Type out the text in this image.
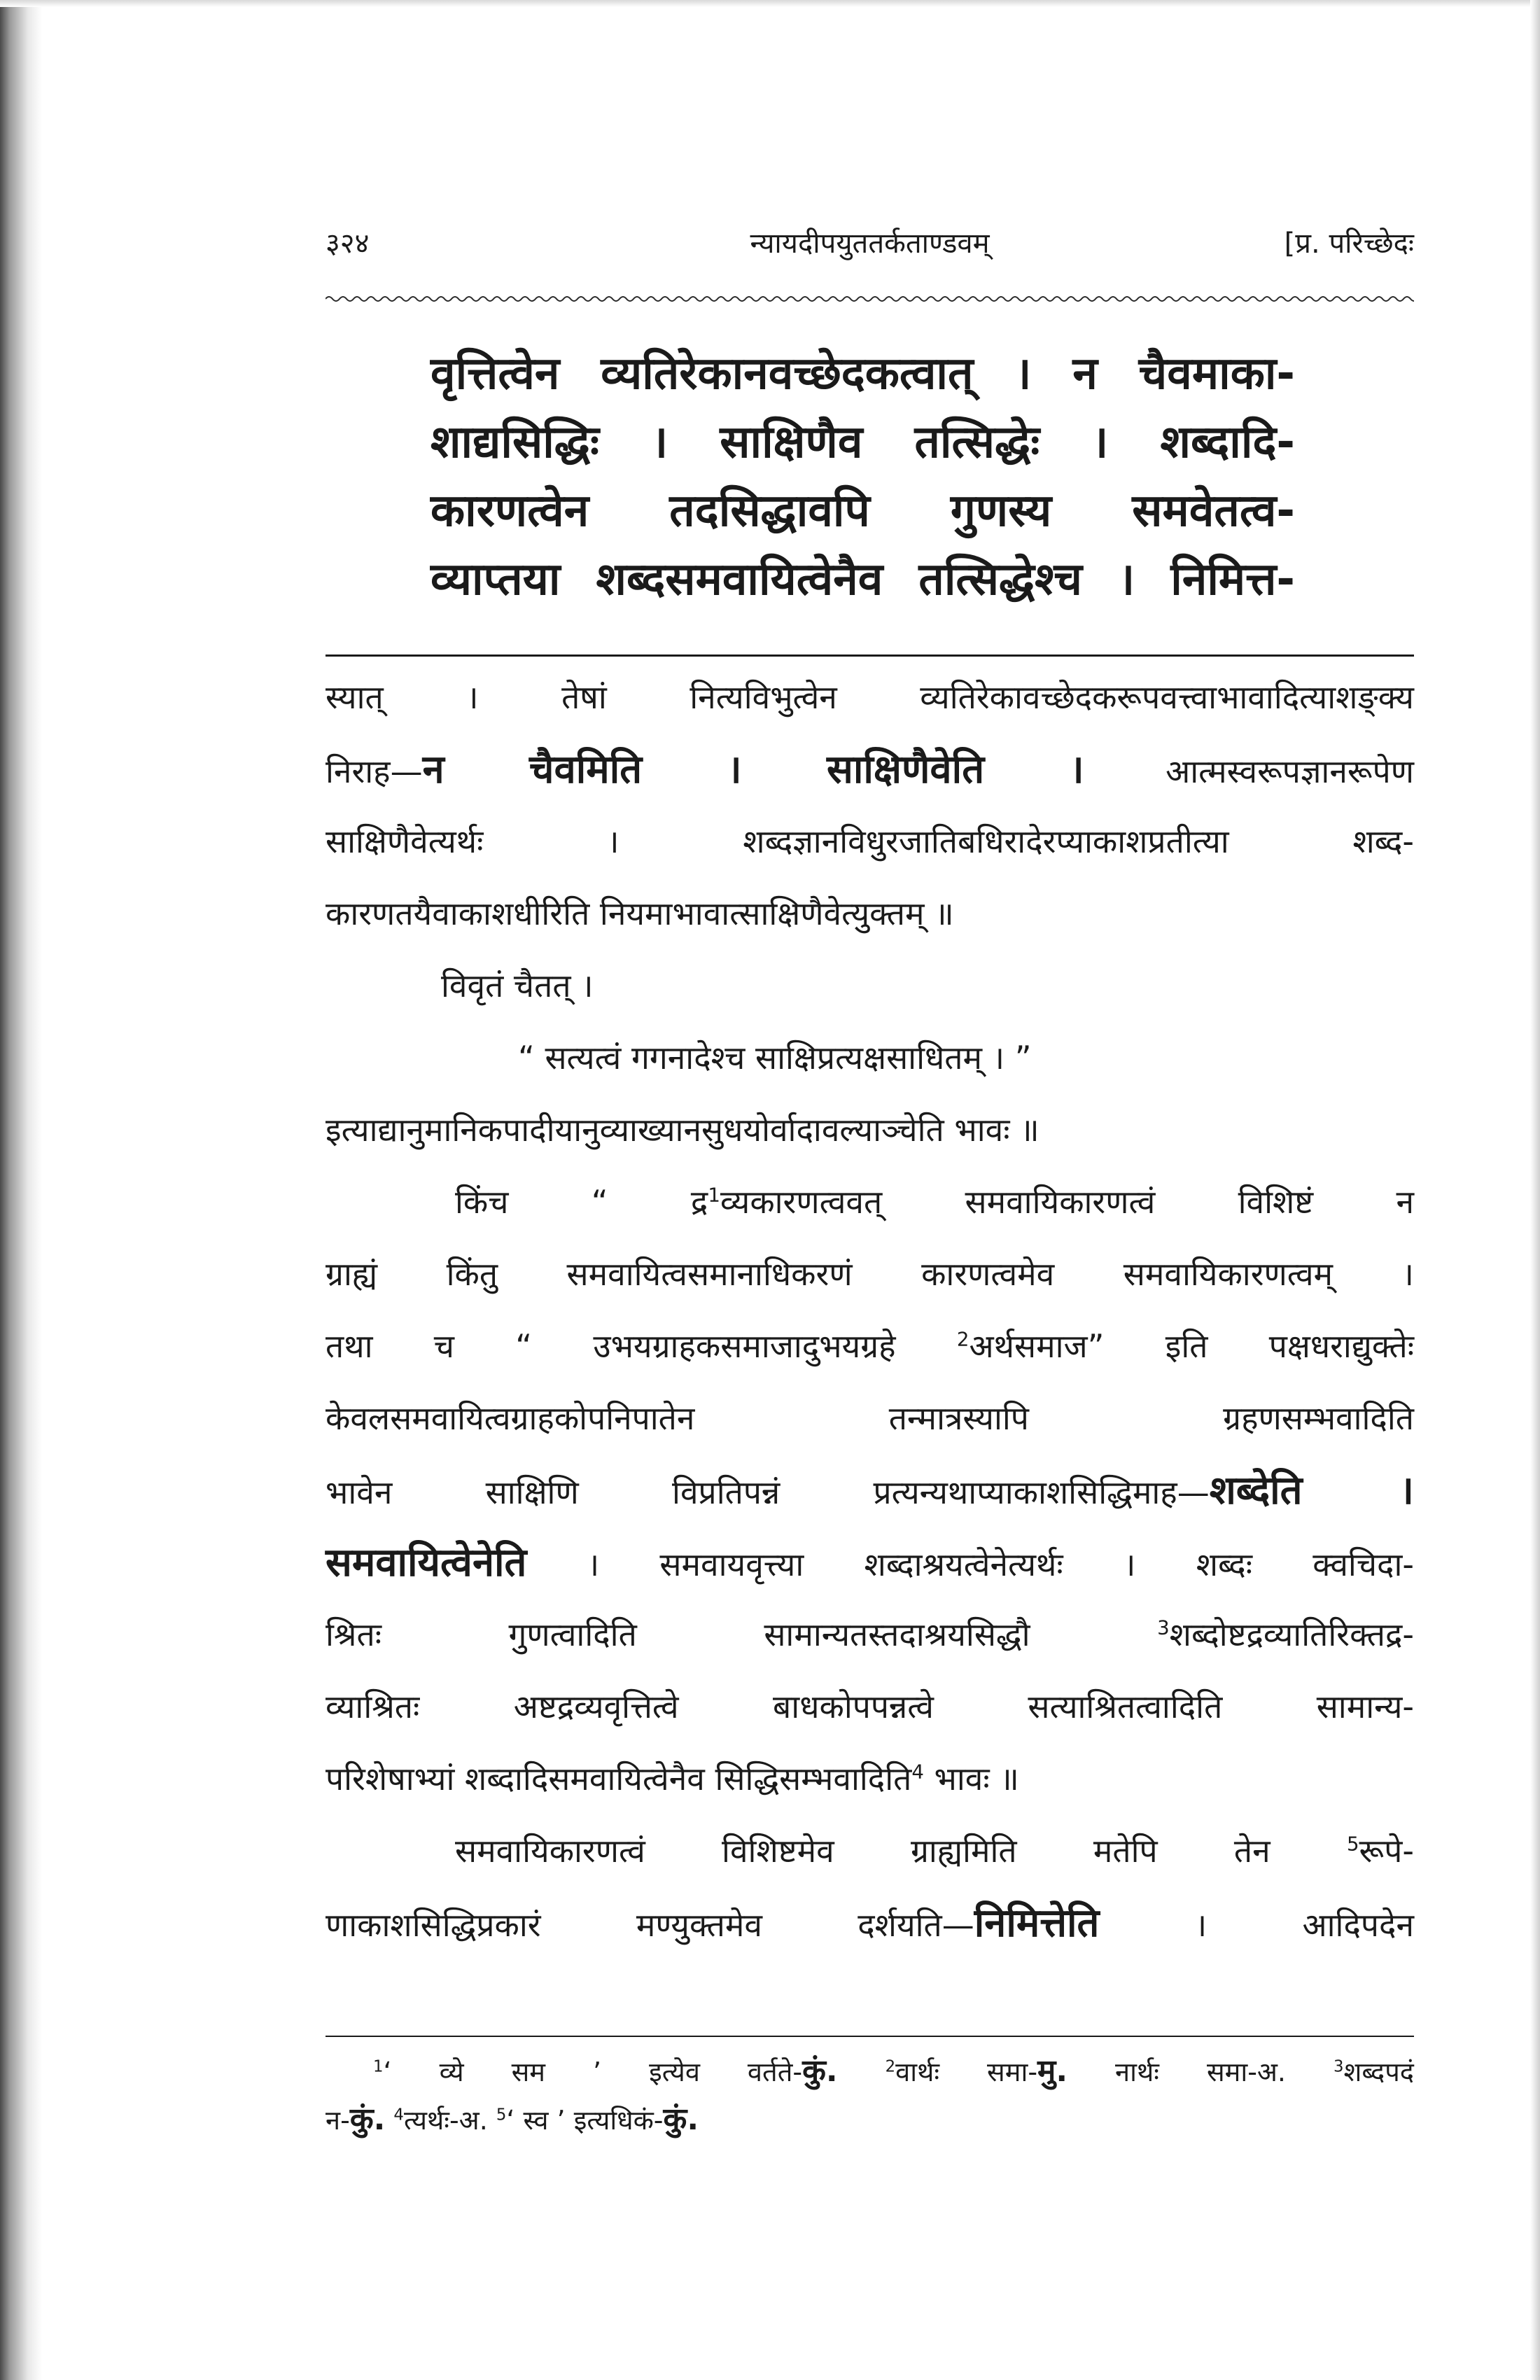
३२४	न्यायदीपयुततर्कताण्डवम्	[प्र. परिच्छेदः
वृत्तित्वेन व्यतिरेकानवच्छेदकत्वात् । न चैवमाका-
शाद्यसिद्धिः । साक्षिणैव तत्सिद्धेः । शब्दादि-
कारणत्वेन तदसिद्धावपि गुणस्य समवेतत्व-
व्याप्तया शब्दसमवायित्वेनैव तत्सिद्धेश्च । निमित्त-
स्यात् । तेषां नित्यविभुत्वेन व्यतिरेकावच्छेदकरूपवत्त्वाभावादित्याशङ्क्य
निराह—न चैवमिति । साक्षिणैवेति । आत्मस्वरूपज्ञानरूपेण
साक्षिणैवेत्यर्थः । शब्दज्ञानविधुरजातिबधिरादेरप्याकाशप्रतीत्या शब्द-
कारणतयैवाकाशधीरिति नियमाभावात्साक्षिणैवेत्युक्तम् ॥
विवृतं चैतत् ।
“ सत्यत्वं गगनादेश्च साक्षिप्रत्यक्षसाधितम् । ”
इत्याद्यानुमानिकपादीयानुव्याख्यानसुधयोर्वादावल्याञ्चेति भावः ॥
किंच “ द्र$^1$व्यकारणत्ववत् समवायिकारणत्वं विशिष्टं न
ग्राह्यं किंतु समवायित्वसमानाधिकरणं कारणत्वमेव समवायिकारणत्वम् ।
तथा च “ उभयग्राहकसमाजादुभयग्रहे $^2$अर्थसमाज” इति पक्षधराद्युक्तेः
केवलसमवायित्वग्राहकोपनिपातेन तन्मात्रस्यापि ग्रहणसम्भवादिति
भावेन साक्षिणि विप्रतिपन्नं प्रत्यन्यथाप्याकाशसिद्धिमाह—शब्देति ।
समवायित्वेनेति । समवायवृत्त्या शब्दाश्रयत्वेनेत्यर्थः । शब्दः क्वचिदा-
श्रितः गुणत्वादिति सामान्यतस्तदाश्रयसिद्धौ $^3$शब्दोष्टद्रव्यातिरिक्तद्र-
व्याश्रितः अष्टद्रव्यवृत्तित्वे बाधकोपपन्नत्वे सत्याश्रितत्वादिति सामान्य-
परिशेषाभ्यां शब्दादिसमवायित्वेनैव सिद्धिसम्भवादिति$^4$ भावः ॥
समवायिकारणत्वं विशिष्टमेव ग्राह्यमिति मतेपि तेन $^5$रूपे-
णाकाशसिद्धिप्रकारं मण्युक्तमेव दर्शयति—निमित्तेति । आदिपदेन
$^1$‘ व्ये सम ’ इत्येव वर्तते-कुं.	$^2$वार्थः समा-मु. नार्थः समा-अ.	$^3$शब्दपदं
न-कुं. $^4$त्यर्थः-अ. $^5$‘ स्व ’ इत्यधिकं-कुं.
